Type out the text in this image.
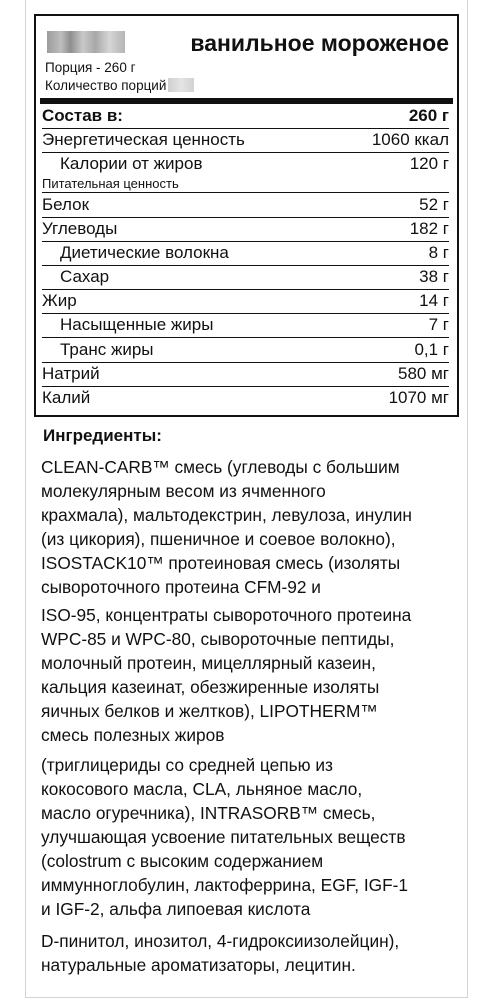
ванильное мороженое
Порция - 260 г
Количество порций
Состав в:	260 г
Энергетическая ценность	1060 ккал
Калории от жиров	120 г
Питательная ценность
Белок	52 г
Углеводы	182 г
Диетические волокна	8 г
Сахар	38 г
Жир	14 г
Насыщенные жиры	7 г
Транс жиры	0,1 г
Натрий	580 мг
Калий	1070 мг
Ингредиенты:
CLEAN-CARB™ смесь (углеводы с большим
молекулярным весом из ячменного
крахмала), мальтодекстрин, левулоза, инулин
(из цикория), пшеничное и соевое волокно),
ISOSTACK10™ протеиновая смесь (изоляты
сывороточного протеина CFM-92 и
ISO-95, концентраты сывороточного протеина
WPC-85 и WPC-80, сывороточные пептиды,
молочный протеин, мицеллярный казеин,
кальция казеинат, обезжиренные изоляты
яичных белков и желтков), LIPOTHERM™
смесь полезных жиров
(триглицериды со средней цепью из
кокосового масла, CLA, льняное масло,
масло огуречника), INTRASORB™ смесь,
улучшающая усвоение питательных веществ
(colostrum с высоким содержанием
иммунноглобулин, лактоферрина, EGF, IGF-1
и IGF-2, альфа липоевая кислота
D-пинитол, инозитол, 4-гидроксиизолейцин),
натуральные ароматизаторы, лецитин.
